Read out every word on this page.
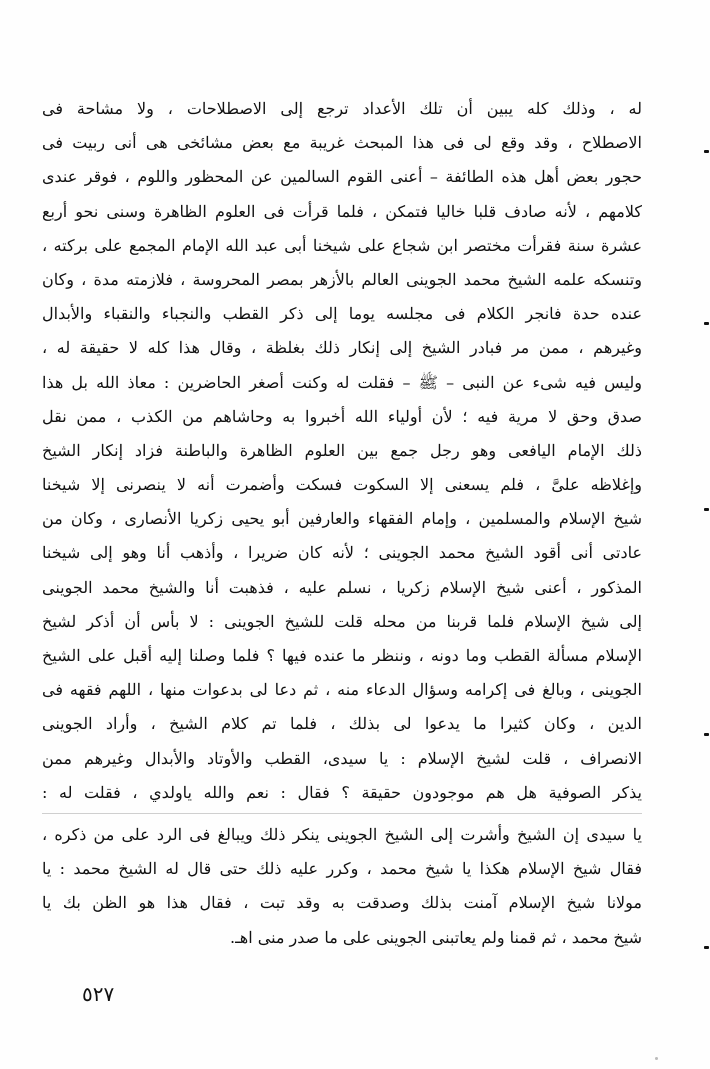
له ، وذلك كله يبين أن تلك الأعداد ترجع إلى الاصطلاحات ، ولا مشاحة فى
الاصطلاح ، وقد وقع لى فى هذا المبحث غريبة مع بعض مشائخى هى أنى ربيت فى
حجور بعض أهل هذه الطائفة – أعنى القوم السالمين عن المحظور واللوم ، فوقر عندى
كلامهم ، لأنه صادف قلبا خاليا فتمكن ، فلما قرأت فى العلوم الظاهرة وسنى نحو أربع
عشرة سنة فقرأت مختصر ابن شجاع على شيخنا أبى عبد الله الإمام المجمع على بركته ،
وتنسكه علمه الشيخ محمد الجوينى العالم بالأزهر بمصر المحروسة ، فلازمته مدة ، وكان
عنده حدة فانجر الكلام فى مجلسه يوما إلى ذكر القطب والنجباء والنقباء والأبدال
وغيرهم ، ممن مر فبادر الشيخ إلى إنكار ذلك بغلظة ، وقال هذا كله لا حقيقة له ،
وليس فيه شىء عن النبى – ﷺ – فقلت له وكنت أصغر الحاضرين : معاذ الله بل هذا
صدق وحق لا مرية فيه ؛ لأن أولياء الله أخبروا به وحاشاهم من الكذب ، ممن نقل
ذلك الإمام اليافعى وهو رجل جمع بين العلوم الظاهرة والباطنة فزاد إنكار الشيخ
وإغلاظه علىَّ ، فلم يسعنى إلا السكوت فسكت وأضمرت أنه لا ينصرنى إلا شيخنا
شيخ الإسلام والمسلمين ، وإمام الفقهاء والعارفين أبو يحيى زكريا الأنصارى ، وكان من
عادتى أنى أقود الشيخ محمد الجوينى ؛ لأنه كان ضريرا ، وأذهب أنا وهو إلى شيخنا
المذكور ، أعنى شيخ الإسلام زكريا ، نسلم عليه ، فذهبت أنا والشيخ محمد الجوينى
إلى شيخ الإسلام فلما قربنا من محله قلت للشيخ الجوينى : لا بأس أن أذكر لشيخ
الإسلام مسألة القطب وما دونه ، وننظر ما عنده فيها ؟ فلما وصلنا إليه أقبل على الشيخ
الجوينى ، وبالغ فى إكرامه وسؤال الدعاء منه ، ثم دعا لى بدعوات منها ، اللهم فقهه فى
الدين ، وكان كثيرا ما يدعوا لى بذلك ، فلما تم كلام الشيخ ، وأراد الجوينى
الانصراف ، قلت لشيخ الإسلام : يا سيدى، القطب والأوتاد والأبدال وغيرهم ممن
يذكر الصوفية هل هم موجودون حقيقة ؟ فقال : نعم والله ياولدي ، فقلت له :
يا سيدى إن الشيخ وأشرت إلى الشيخ الجوينى ينكر ذلك ويبالغ فى الرد على من ذكره ،
فقال شيخ الإسلام هكذا يا شيخ محمد ، وكرر عليه ذلك حتى قال له الشيخ محمد : يا
مولانا شيخ الإسلام آمنت بذلك وصدقت به وقد تبت ، فقال هذا هو الظن بك يا
شيخ محمد ، ثم قمنا ولم يعاتبنى الجوينى على ما صدر منى اهـ.
٥٢٧
